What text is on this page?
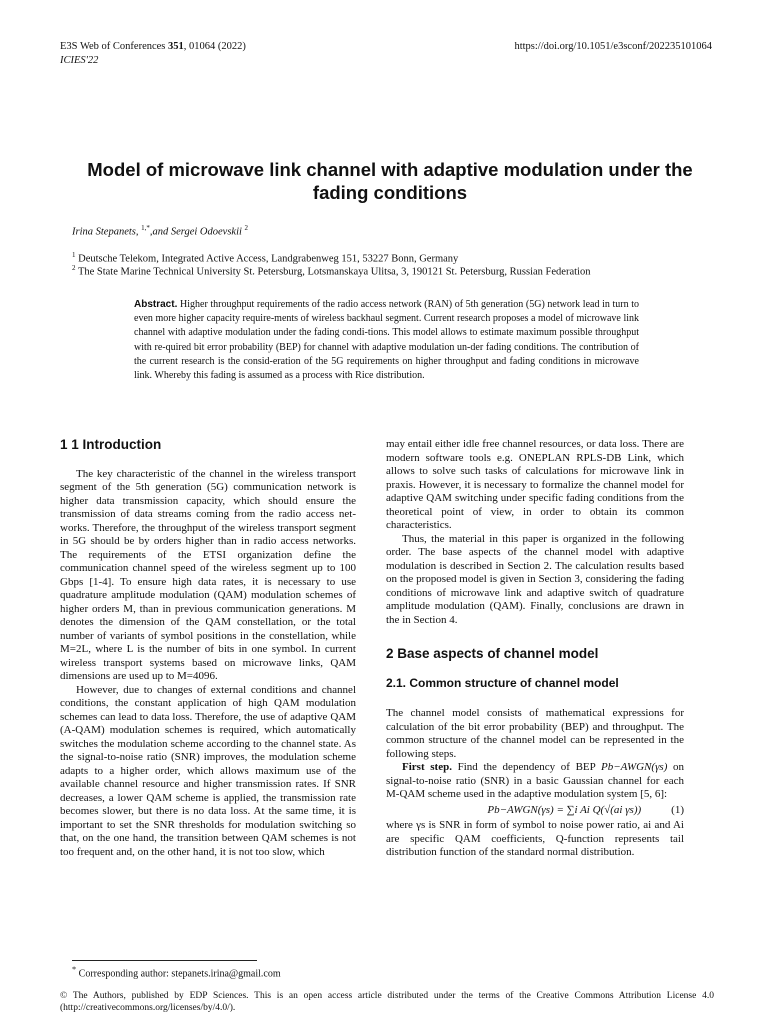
E3S Web of Conferences 351, 01064 (2022)	https://doi.org/10.1051/e3sconf/202235101064
ICIES'22
Model of microwave link channel with adaptive modulation under the fading conditions
Irina Stepanets, $^{1,*}$,and Sergei Odoevskii $^2$
$^1$ Deutsche Telekom, Integrated Active Access, Landgrabenweg 151, 53227 Bonn, Germany
$^2$ The State Marine Technical University St. Petersburg, Lotsmanskaya Ulitsa, 3, 190121 St. Petersburg, Russian Federation
Abstract. Higher throughput requirements of the radio access network (RAN) of 5th generation (5G) network lead in turn to even more higher capacity require-ments of wireless backhaul segment. Current research proposes a model of microwave link channel with adaptive modulation under the fading condi-tions. This model allows to estimate maximum possible throughput with re-quired bit error probability (BEP) for channel with adaptive modulation un-der fading conditions. The contribution of the current research is the consid-eration of the 5G requirements on higher throughput and fading conditions in microwave link. Whereby this fading is assumed as a process with Rice distribution.
1 1 Introduction

The key characteristic of the channel in the wireless transport segment of the 5th generation (5G) communication network is higher data transmission capacity, which should ensure the transmission of data streams coming from the radio access net-works. Therefore, the throughput of the wireless transport segment in 5G should be by orders higher than in radio access networks. The requirements of the ETSI organization define the communication channel speed of the wireless segment up to 100 Gbps [1-4]. To ensure high data rates, it is necessary to use quadrature amplitude modulation (QAM) modulation schemes of higher orders M, than in previous communication generations. M denotes the dimension of the QAM constellation, or the total number of variants of symbol positions in the constellation, while M=2L, where L is the number of bits in one symbol. In current wireless transport systems based on microwave links, QAM dimensions are used up to M=4096.

However, due to changes of external conditions and channel conditions, the constant application of high QAM modulation schemes can lead to data loss. Therefore, the use of adaptive QAM (A-QAM) modulation schemes is required, which automatically switches the modulation scheme according to the channel state. As the signal-to-noise ratio (SNR) improves, the modulation scheme adapts to a higher order, which allows maximum use of the available channel resource and higher transmission rates. If SNR decreases, a lower QAM scheme is applied, the transmission rate becomes slower, but there is no data loss. At the same time, it is important to set the SNR thresholds for modulation switching so that, on the one hand, the transition between QAM schemes is not too frequent and, on the other hand, it is not too slow, which

may entail either idle free channel resources, or data loss. There are modern software tools e.g. ONEPLAN RPLS-DB Link, which allows to solve such tasks of calculations for microwave link in praxis. However, it is necessary to formalize the channel model for adaptive QAM switching under specific fading conditions from the theoretical point of view, in order to obtain its common characteristics.

Thus, the material in this paper is organized in the following order. The base aspects of the channel model with adaptive modulation is described in Section 2. The calculation results based on the proposed model is given in Section 3, considering the fading conditions of microwave link and adaptive switch of quadrature amplitude modulation (QAM). Finally, conclusions are drawn in the in Section 4.

2 Base aspects of channel model
2.1. Common structure of channel model

The channel model consists of mathematical expressions for calculation of the bit error probability (BEP) and throughput. The common structure of the channel model can be represented in the following steps.

First step. Find the dependency of BEP Pb−AWGN(γs) on signal-to-noise ratio (SNR) in a basic Gaussian channel for each M-QAM scheme used in the adaptive modulation system [5, 6]:

Pb−AWGN(γs) = ∑i Ai Q(√(ai γs))	(1)

where γs is SNR in form of symbol to noise power ratio, ai and Ai are specific QAM coefficients, Q-function represents tail distribution function of the standard normal distribution.

* Corresponding author: stepanets.irina@gmail.com
© The Authors, published by EDP Sciences. This is an open access article distributed under the terms of the Creative Commons Attribution License 4.0 (http://creativecommons.org/licenses/by/4.0/).
